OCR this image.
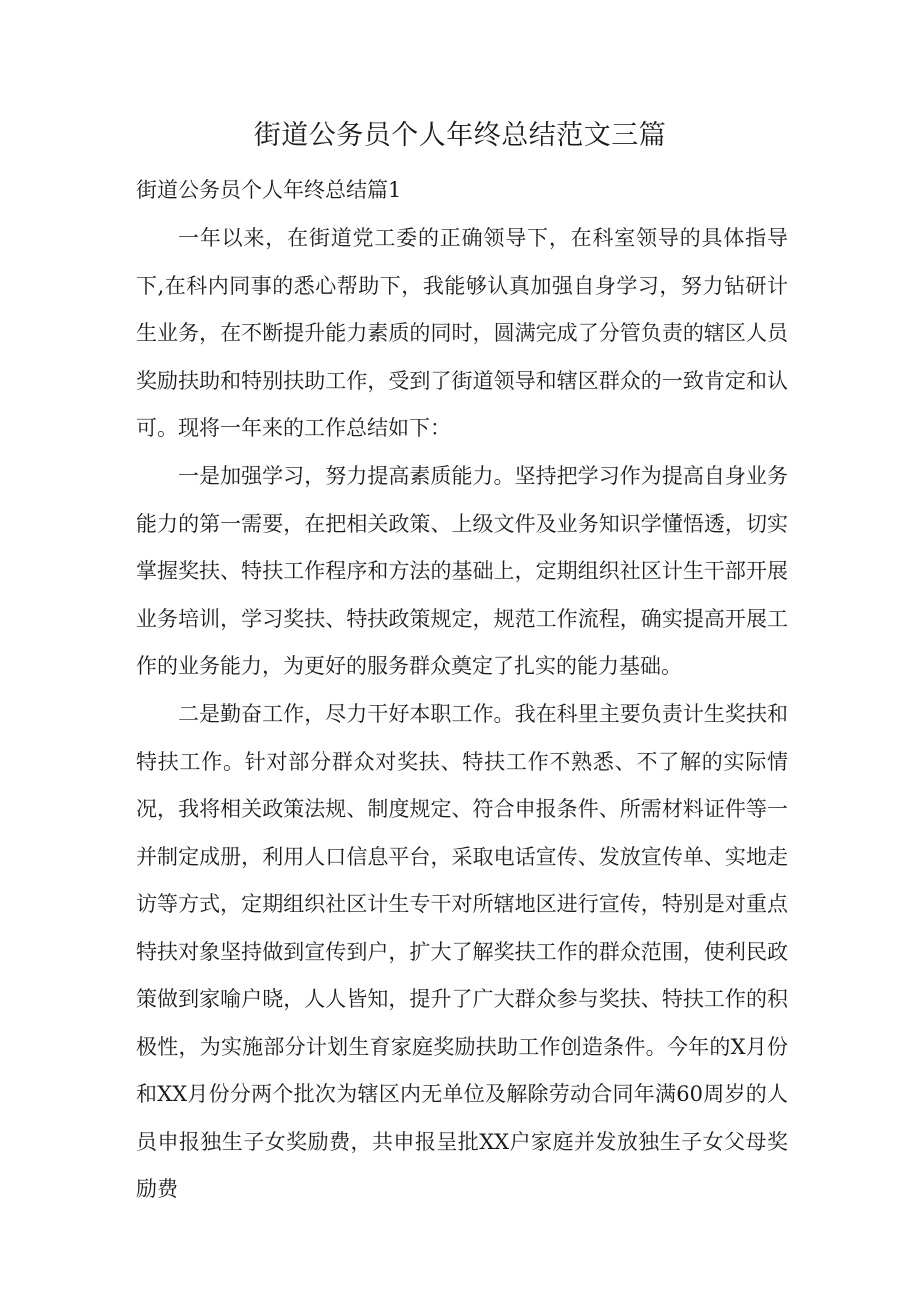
街道公务员个人年终总结范文三篇
街道公务员个人年终总结篇1

一年以来，在街道党工委的正确领导下，在科室领导的具体指导下,在科内同事的悉心帮助下，我能够认真加强自身学习，努力钻研计生业务，在不断提升能力素质的同时，圆满完成了分管负责的辖区人员奖励扶助和特别扶助工作，受到了街道领导和辖区群众的一致肯定和认可。现将一年来的工作总结如下：

一是加强学习，努力提高素质能力。坚持把学习作为提高自身业务能力的第一需要，在把相关政策、上级文件及业务知识学懂悟透，切实掌握奖扶、特扶工作程序和方法的基础上，定期组织社区计生干部开展业务培训，学习奖扶、特扶政策规定，规范工作流程，确实提高开展工作的业务能力，为更好的服务群众奠定了扎实的能力基础。

二是勤奋工作，尽力干好本职工作。我在科里主要负责计生奖扶和特扶工作。针对部分群众对奖扶、特扶工作不熟悉、不了解的实际情况，我将相关政策法规、制度规定、符合申报条件、所需材料证件等一并制定成册，利用人口信息平台，采取电话宣传、发放宣传单、实地走访等方式，定期组织社区计生专干对所辖地区进行宣传，特别是对重点特扶对象坚持做到宣传到户，扩大了解奖扶工作的群众范围，使利民政策做到家喻户晓，人人皆知，提升了广大群众参与奖扶、特扶工作的积极性，为实施部分计划生育家庭奖励扶助工作创造条件。今年的X月份和XX月份分两个批次为辖区内无单位及解除劳动合同年满60周岁的人员申报独生子女奖励费，共申报呈批XX户家庭并发放独生子女父母奖励费
